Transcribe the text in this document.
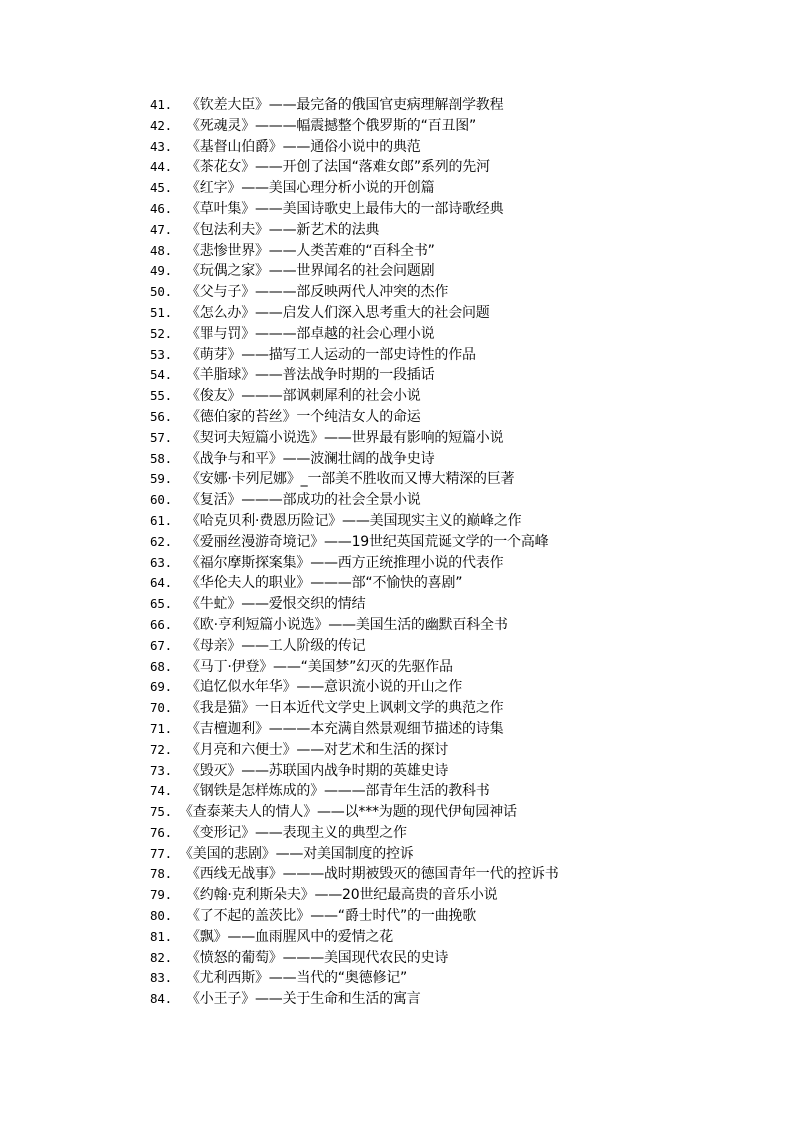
41. 《钦差大臣》——最完备的俄国官吏病理解剖学教程
42. 《死魂灵》———幅震撼整个俄罗斯的“百丑图”
43. 《基督山伯爵》——通俗小说中的典范
44. 《茶花女》——开创了法国“落难女郎”系列的先河
45. 《红字》——美国心理分析小说的开创篇
46. 《草叶集》——美国诗歌史上最伟大的一部诗歌经典
47. 《包法利夫》——新艺术的法典
48. 《悲惨世界》——人类苦难的“百科全书”
49. 《玩偶之家》——世界闻名的社会问题剧
50. 《父与子》———部反映两代人冲突的杰作
51. 《怎么办》——启发人们深入思考重大的社会问题
52. 《罪与罚》———部卓越的社会心理小说
53. 《萌芽》——描写工人运动的一部史诗性的作品
54. 《羊脂球》——普法战争时期的一段插话
55. 《俊友》———部讽刺犀利的社会小说
56. 《德伯家的苔丝》一个纯洁女人的命运
57. 《契诃夫短篇小说选》——世界最有影响的短篇小说
58. 《战争与和平》——波澜壮阔的战争史诗
59. 《安娜·卡列尼娜》_一部美不胜收而又博大精深的巨著
60. 《复活》———部成功的社会全景小说
61. 《哈克贝利·费恩历险记》——美国现实主义的巅峰之作
62. 《爱丽丝漫游奇境记》——19世纪英国荒诞文学的一个高峰
63. 《福尔摩斯探案集》——西方正统推理小说的代表作
64. 《华伦夫人的职业》———部“不愉快的喜剧”
65. 《牛虻》——爱恨交织的情结
66. 《欧·亨利短篇小说选》——美国生活的幽默百科全书
67. 《母亲》——工人阶级的传记
68. 《马丁·伊登》——“美国梦”幻灭的先驱作品
69. 《追忆似水年华》——意识流小说的开山之作
70. 《我是猫》一日本近代文学史上讽刺文学的典范之作
71. 《吉檀迦利》———本充满自然景观细节描述的诗集
72. 《月亮和六便士》——对艺术和生活的探讨
73. 《毁灭》——苏联国内战争时期的英雄史诗
74. 《钢铁是怎样炼成的》———部青年生活的教科书
75. 《查泰莱夫人的情人》——以***为题的现代伊甸园神话
76. 《变形记》——表现主义的典型之作
77. 《美国的悲剧》——对美国制度的控诉
78. 《西线无战事》———战时期被毁灭的德国青年一代的控诉书
79. 《约翰·克利斯朵夫》——20世纪最高贵的音乐小说
80. 《了不起的盖茨比》——“爵士时代”的一曲挽歌
81. 《飘》——血雨腥风中的爱情之花
82. 《愤怒的葡萄》———美国现代农民的史诗
83. 《尤利西斯》——当代的“奥德修记”
84. 《小王子》——关于生命和生活的寓言
